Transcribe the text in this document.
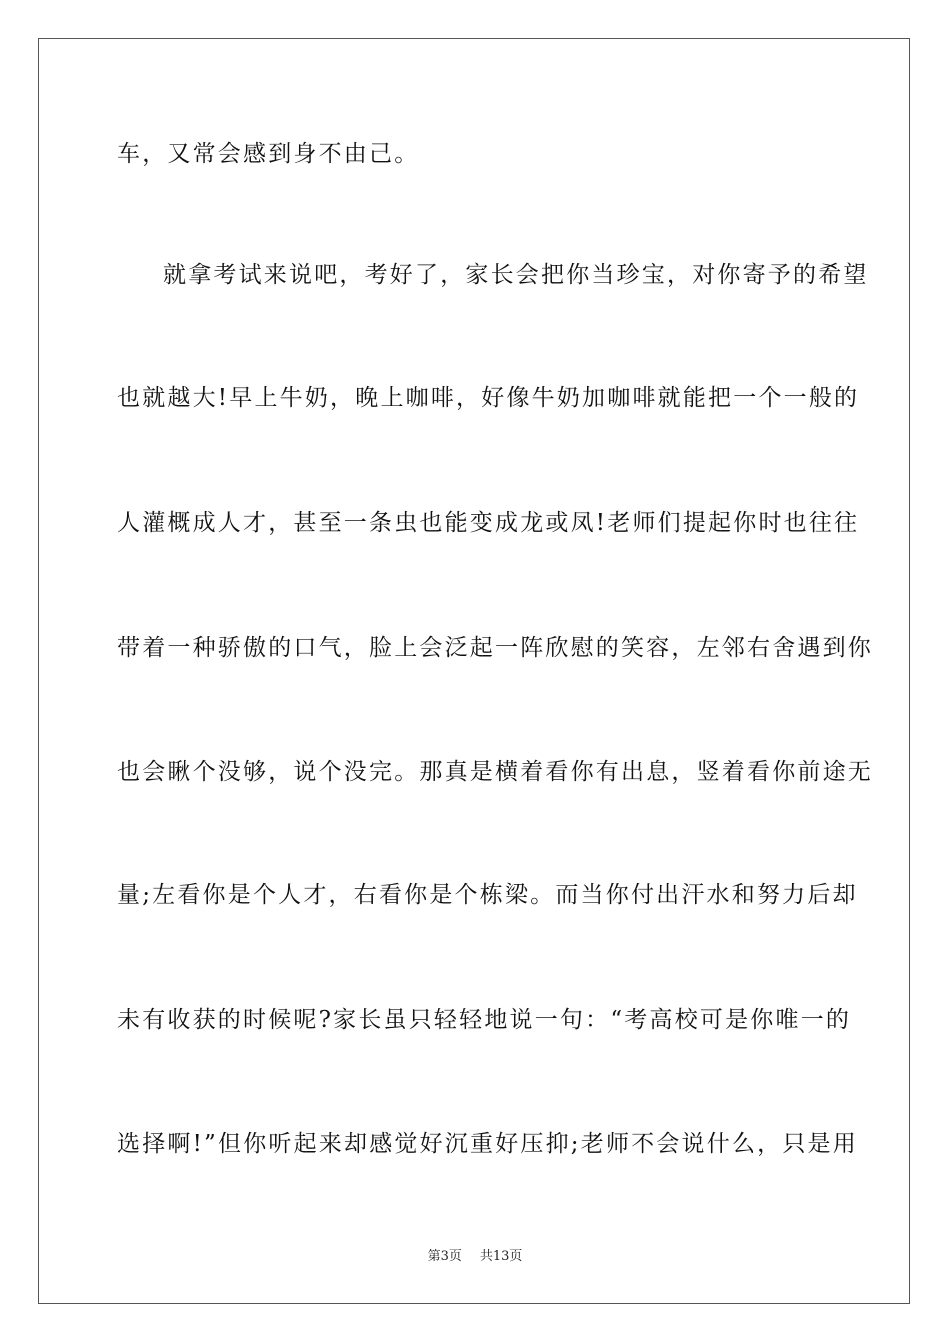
车，又常会感到身不由己。
就拿考试来说吧，考好了，家长会把你当珍宝，对你寄予的希望
也就越大!早上牛奶，晚上咖啡，好像牛奶加咖啡就能把一个一般的
人灌概成人才，甚至一条虫也能变成龙或凤!老师们提起你时也往往
带着一种骄傲的口气，脸上会泛起一阵欣慰的笑容，左邻右舍遇到你
也会瞅个没够，说个没完。那真是横着看你有出息，竖着看你前途无
量;左看你是个人才，右看你是个栋梁。而当你付出汗水和努力后却
未有收获的时候呢?家长虽只轻轻地说一句：“考高校可是你唯一的
选择啊!”但你听起来却感觉好沉重好压抑;老师不会说什么，只是用
第3页 共13页
